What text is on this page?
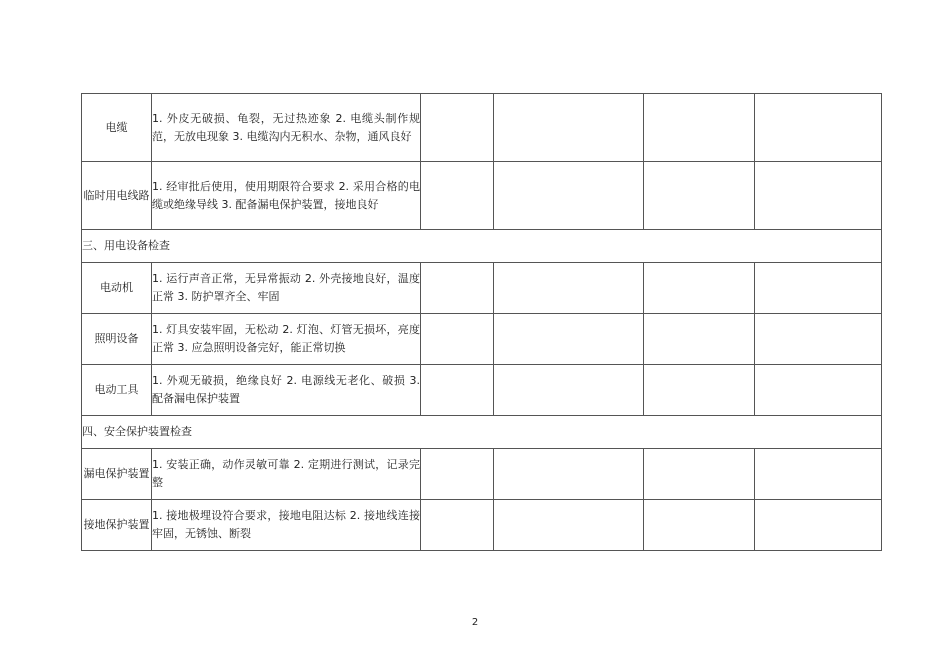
电缆	1. 外皮无破损、龟裂，无过热迹象 2. 电缆头制作规范，无放电现象 3. 电缆沟内无积水、杂物，通风良好				
临时用电线路	1. 经审批后使用，使用期限符合要求 2. 采用合格的电缆或绝缘导线 3. 配备漏电保护装置，接地良好				
三、用电设备检查					
电动机	1. 运行声音正常，无异常振动 2. 外壳接地良好，温度正常 3. 防护罩齐全、牢固				
照明设备	1. 灯具安装牢固，无松动 2. 灯泡、灯管无损坏，亮度正常 3. 应急照明设备完好，能正常切换				
电动工具	1. 外观无破损，绝缘良好 2. 电源线无老化、破损 3. 配备漏电保护装置				
四、安全保护装置检查					
漏电保护装置	1. 安装正确，动作灵敏可靠 2. 定期进行测试，记录完整				
接地保护装置	1. 接地极埋设符合要求，接地电阻达标 2. 接地线连接牢固，无锈蚀、断裂				
2
